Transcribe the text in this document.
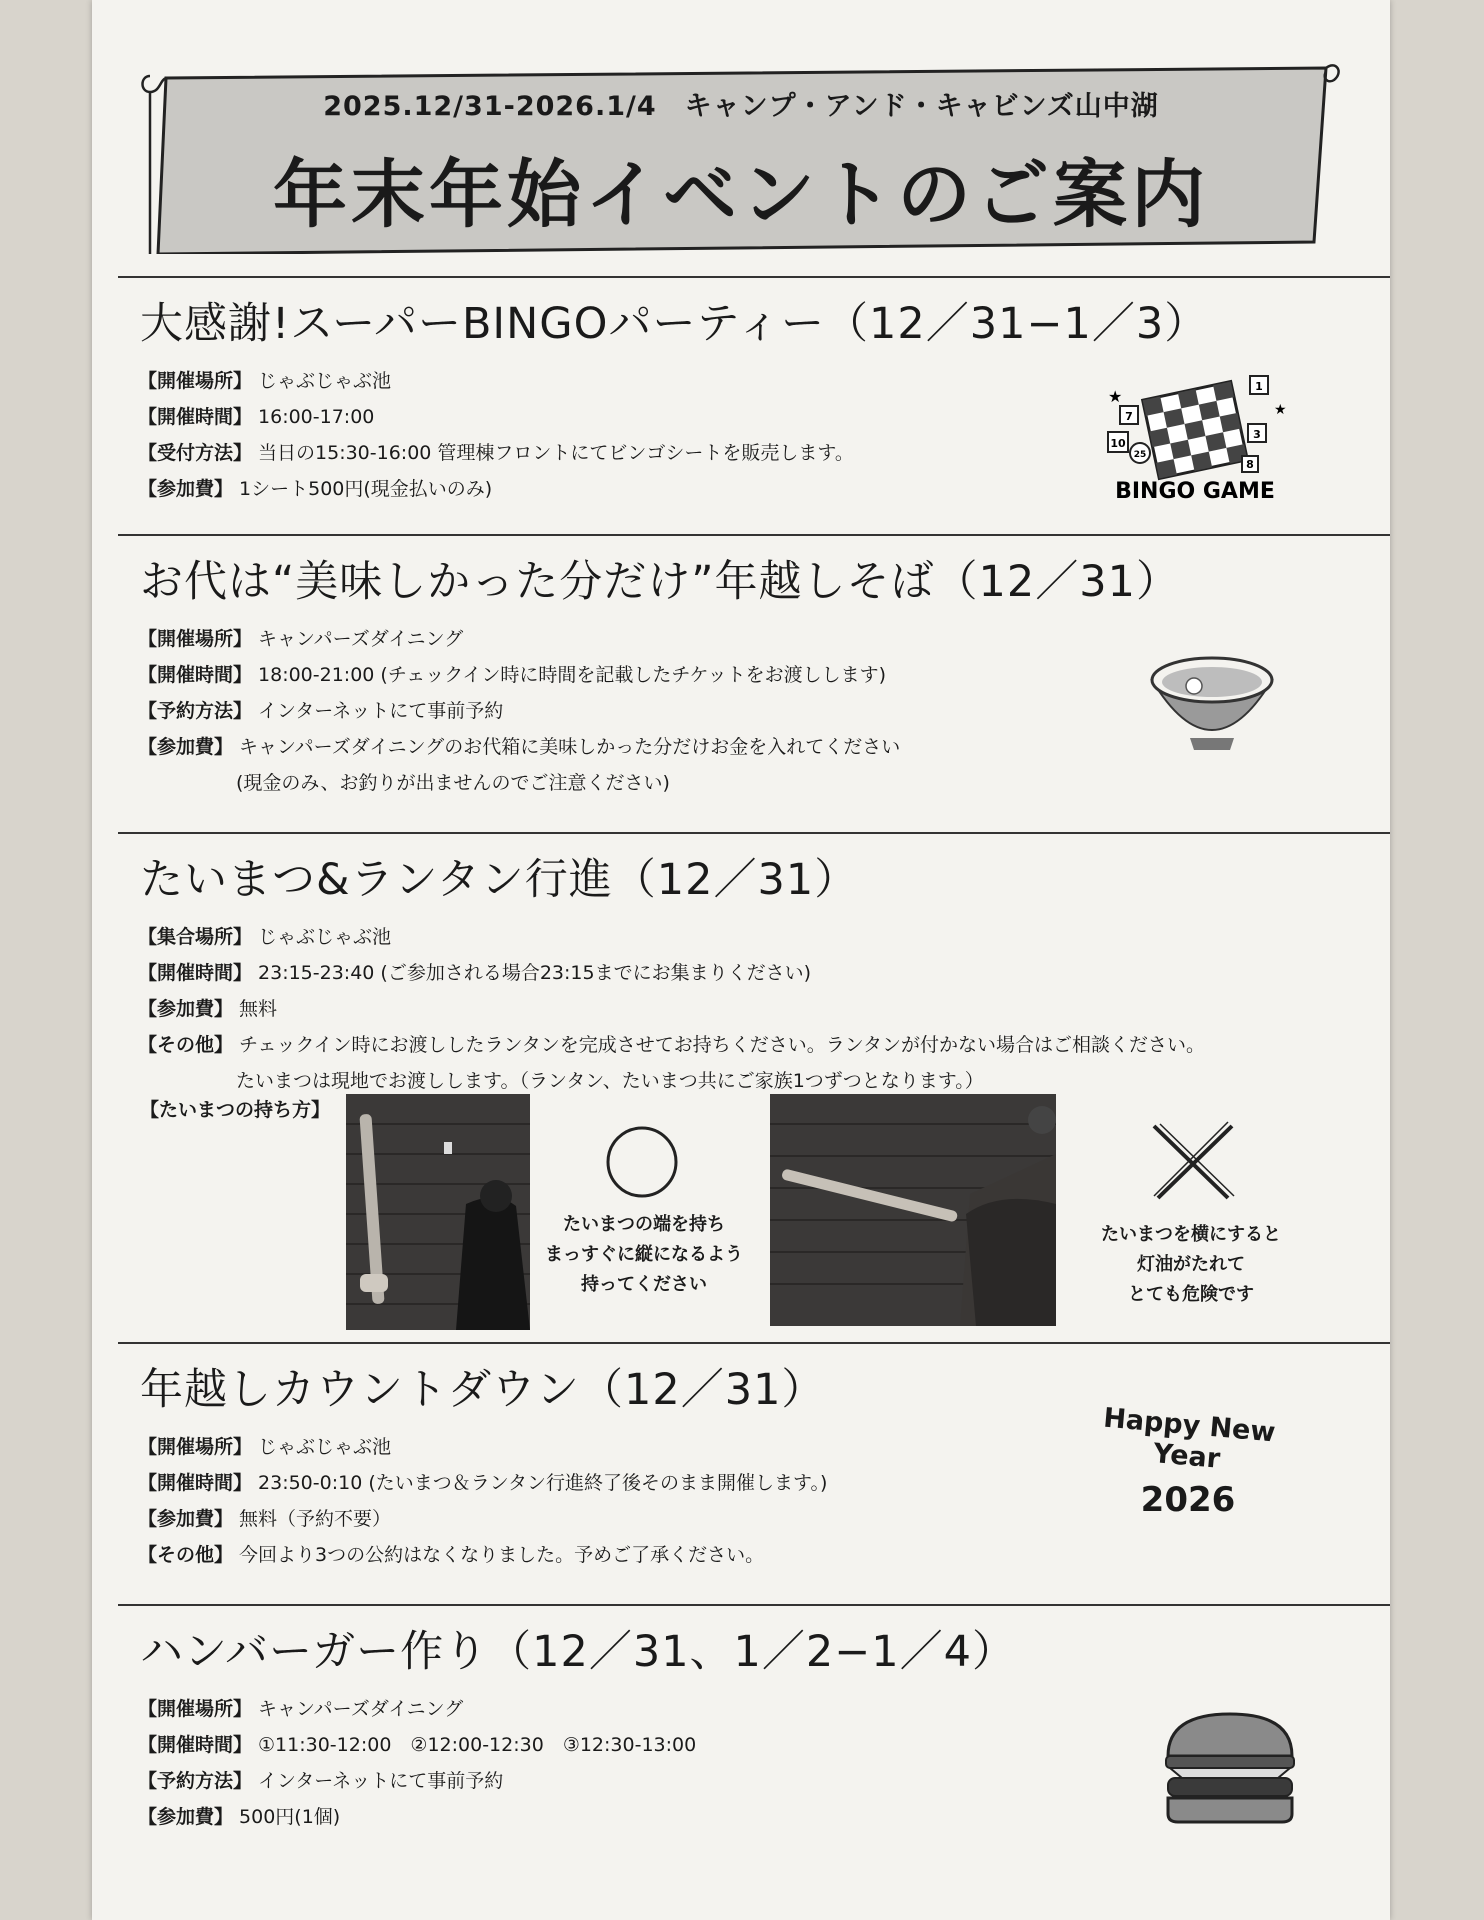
2025.12/31-2026.1/4　キャンプ・アンド・キャビンズ山中湖
年末年始イベントのご案内
大感謝!スーパーBINGOパーティー（12／31−1／3）
【開催場所】 じゃぶじゃぶ池
【開催時間】 16:00-17:00
【受付方法】 当日の15:30-16:00 管理棟フロントにてビンゴシートを販売します。
【参加費】 1シート500円(現金払いのみ)
1
7
10
25
3
8
★
★
BINGO GAME
お代は“美味しかった分だけ”年越しそば（12／31）
【開催場所】 キャンパーズダイニング
【開催時間】 18:00-21:00 (チェックイン時に時間を記載したチケットをお渡しします)
【予約方法】 インターネットにて事前予約
【参加費】 キャンパーズダイニングのお代箱に美味しかった分だけお金を入れてください
(現金のみ、お釣りが出ませんのでご注意ください)
たいまつ&ランタン行進（12／31）
【集合場所】 じゃぶじゃぶ池
【開催時間】 23:15-23:40 (ご参加される場合23:15までにお集まりください)
【参加費】 無料
【その他】 チェックイン時にお渡ししたランタンを完成させてお持ちください。ランタンが付かない場合はご相談ください。
たいまつは現地でお渡しします。（ランタン、たいまつ共にご家族1つずつとなります。）
【たいまつの持ち方】
たいまつの端を持ち
まっすぐに縦になるよう
持ってください
たいまつを横にすると
灯油がたれて
とても危険です
年越しカウントダウン（12／31）
【開催場所】 じゃぶじゃぶ池
【開催時間】 23:50-0:10 (たいまつ＆ランタン行進終了後そのまま開催します。)
【参加費】 無料（予約不要）
【その他】 今回より3つの公約はなくなりました。予めご了承ください。
Happy New Year
2026
ハンバーガー作り（12／31、1／2−1／4）
【開催場所】 キャンパーズダイニング
【開催時間】 ①11:30-12:00　②12:00-12:30　③12:30-13:00
【予約方法】 インターネットにて事前予約
【参加費】 500円(1個)
